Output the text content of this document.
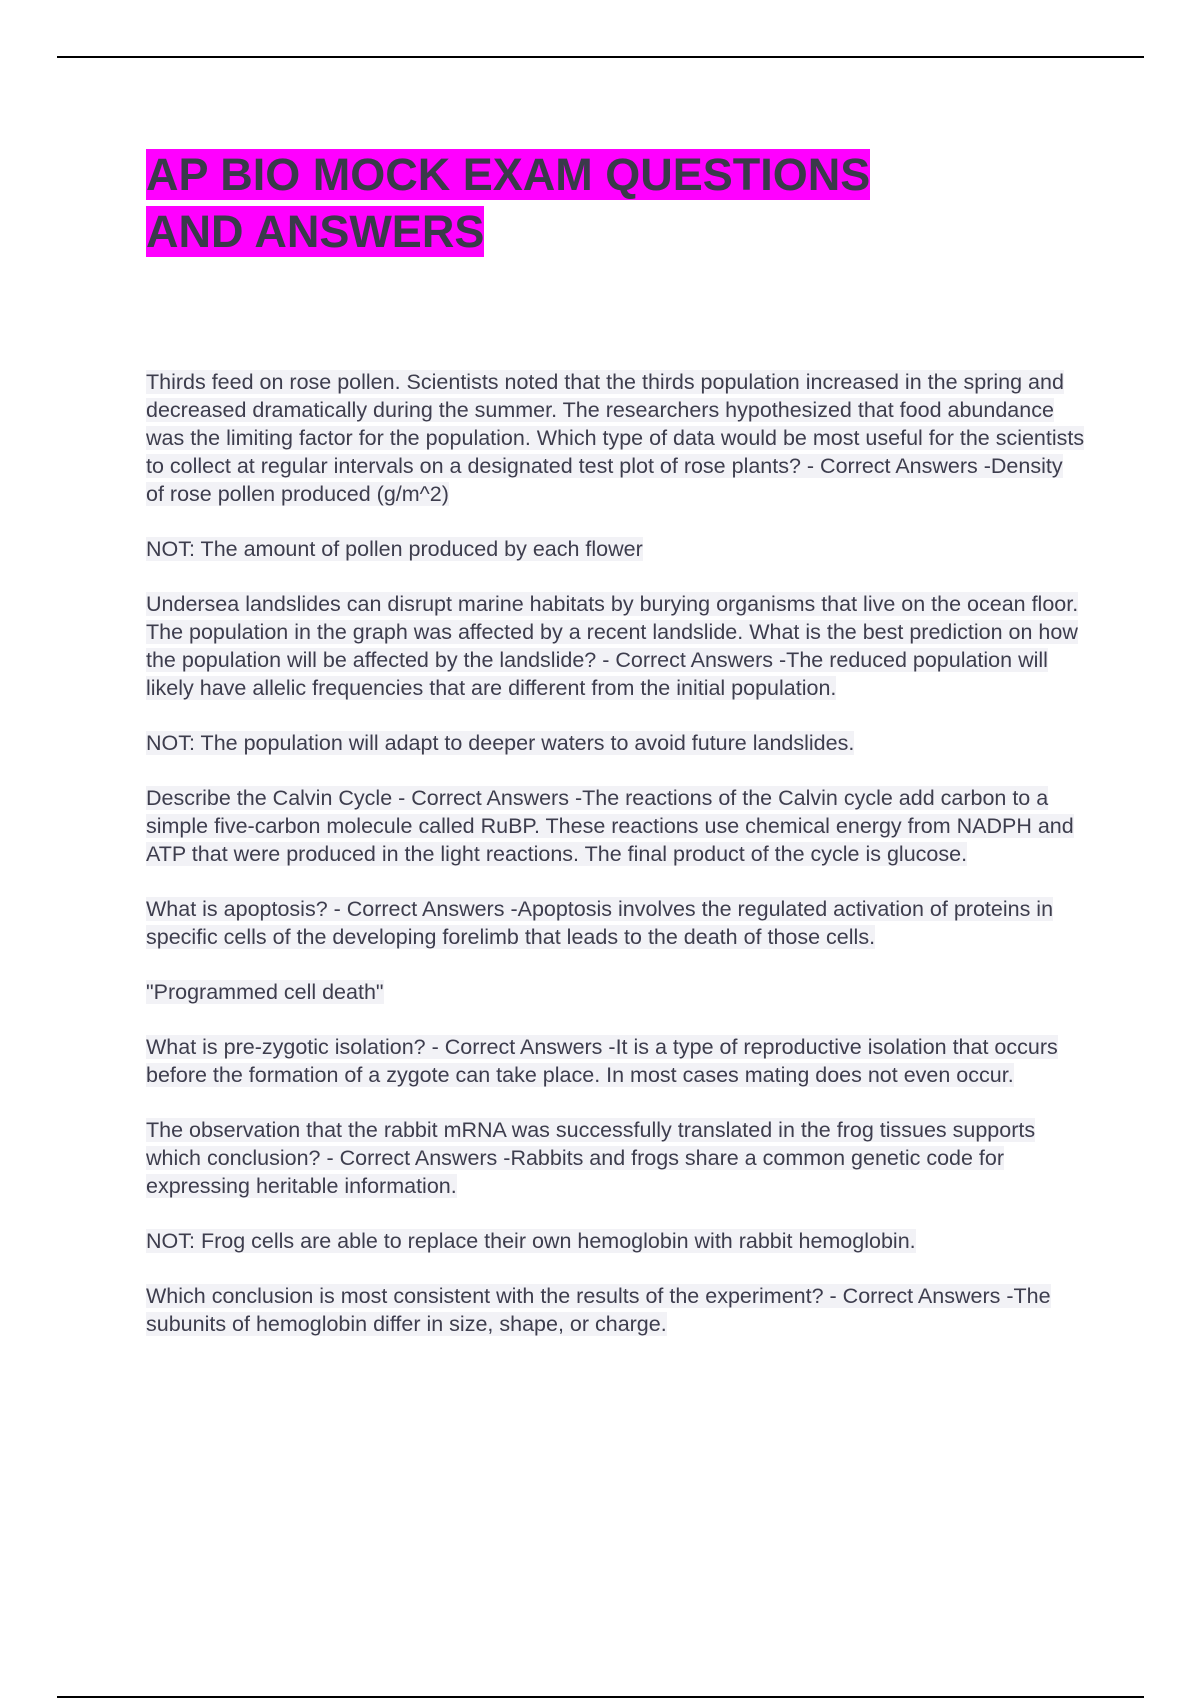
AP BIO MOCK EXAM QUESTIONS AND ANSWERS

Thirds feed on rose pollen. Scientists noted that the thirds population increased in the spring and decreased dramatically during the summer. The researchers hypothesized that food abundance was the limiting factor for the population. Which type of data would be most useful for the scientists to collect at regular intervals on a designated test plot of rose plants? - Correct Answers -Density of rose pollen produced (g/m^2)

NOT: The amount of pollen produced by each flower

Undersea landslides can disrupt marine habitats by burying organisms that live on the ocean floor. The population in the graph was affected by a recent landslide. What is the best prediction on how the population will be affected by the landslide? - Correct Answers -The reduced population will likely have allelic frequencies that are different from the initial population.

NOT: The population will adapt to deeper waters to avoid future landslides.

Describe the Calvin Cycle - Correct Answers -The reactions of the Calvin cycle add carbon to a simple five-carbon molecule called RuBP. These reactions use chemical energy from NADPH and ATP that were produced in the light reactions. The final product of the cycle is glucose.

What is apoptosis? - Correct Answers -Apoptosis involves the regulated activation of proteins in specific cells of the developing forelimb that leads to the death of those cells.

"Programmed cell death"

What is pre-zygotic isolation? - Correct Answers -It is a type of reproductive isolation that occurs before the formation of a zygote can take place. In most cases mating does not even occur.

The observation that the rabbit mRNA was successfully translated in the frog tissues supports which conclusion? - Correct Answers -Rabbits and frogs share a common genetic code for expressing heritable information.

NOT: Frog cells are able to replace their own hemoglobin with rabbit hemoglobin.

Which conclusion is most consistent with the results of the experiment? - Correct Answers -The subunits of hemoglobin differ in size, shape, or charge.
